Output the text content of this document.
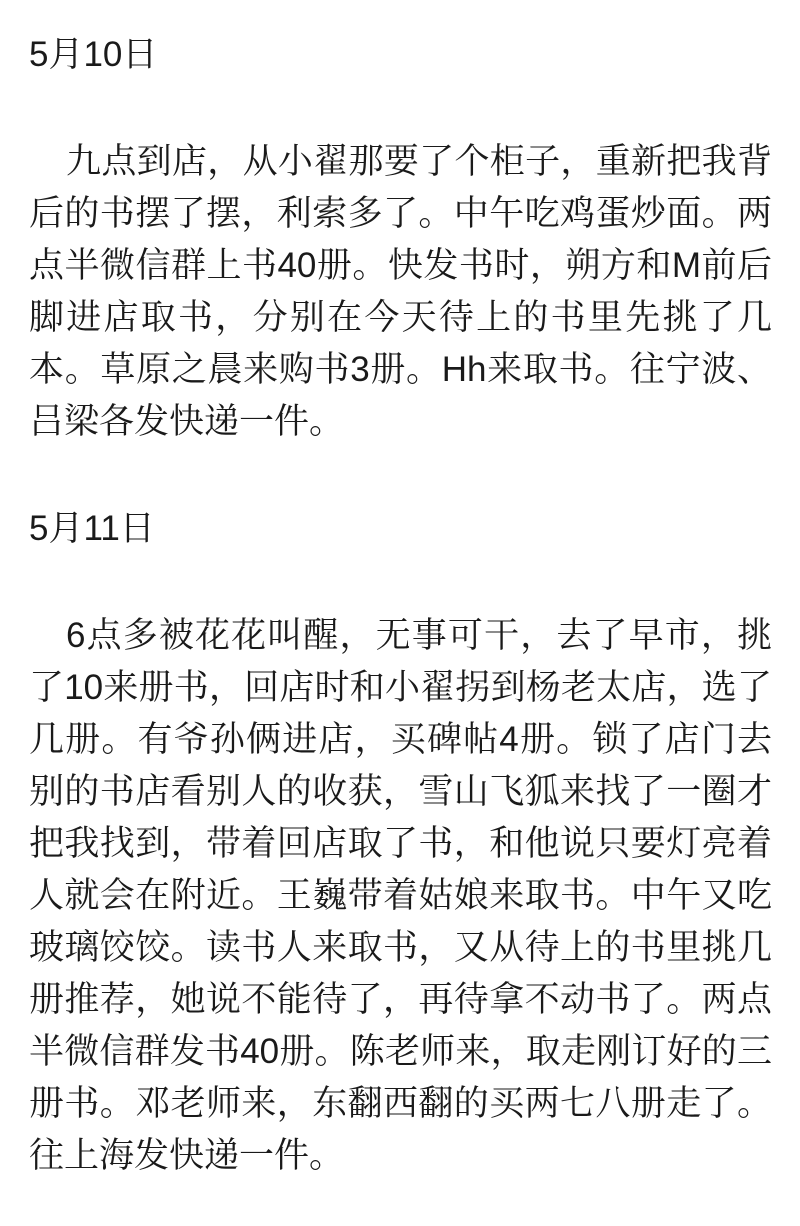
5月10日
九点到店，从小翟那要了个柜子，重新把我背
后的书摆了摆，利索多了。中午吃鸡蛋炒面。两
点半微信群上书40册。快发书时，朔方和M前后
脚进店取书，分别在今天待上的书里先挑了几
本。草原之晨来购书3册。Hh来取书。往宁波、
吕梁各发快递一件。
5月11日
6点多被花花叫醒，无事可干，去了早市，挑
了10来册书，回店时和小翟拐到杨老太店，选了
几册。有爷孙俩进店，买碑帖4册。锁了店门去
别的书店看别人的收获，雪山飞狐来找了一圈才
把我找到，带着回店取了书，和他说只要灯亮着
人就会在附近。王巍带着姑娘来取书。中午又吃
玻璃饺饺。读书人来取书，又从待上的书里挑几
册推荐，她说不能待了，再待拿不动书了。两点
半微信群发书40册。陈老师来，取走刚订好的三
册书。邓老师来，东翻西翻的买两七八册走了。
往上海发快递一件。
